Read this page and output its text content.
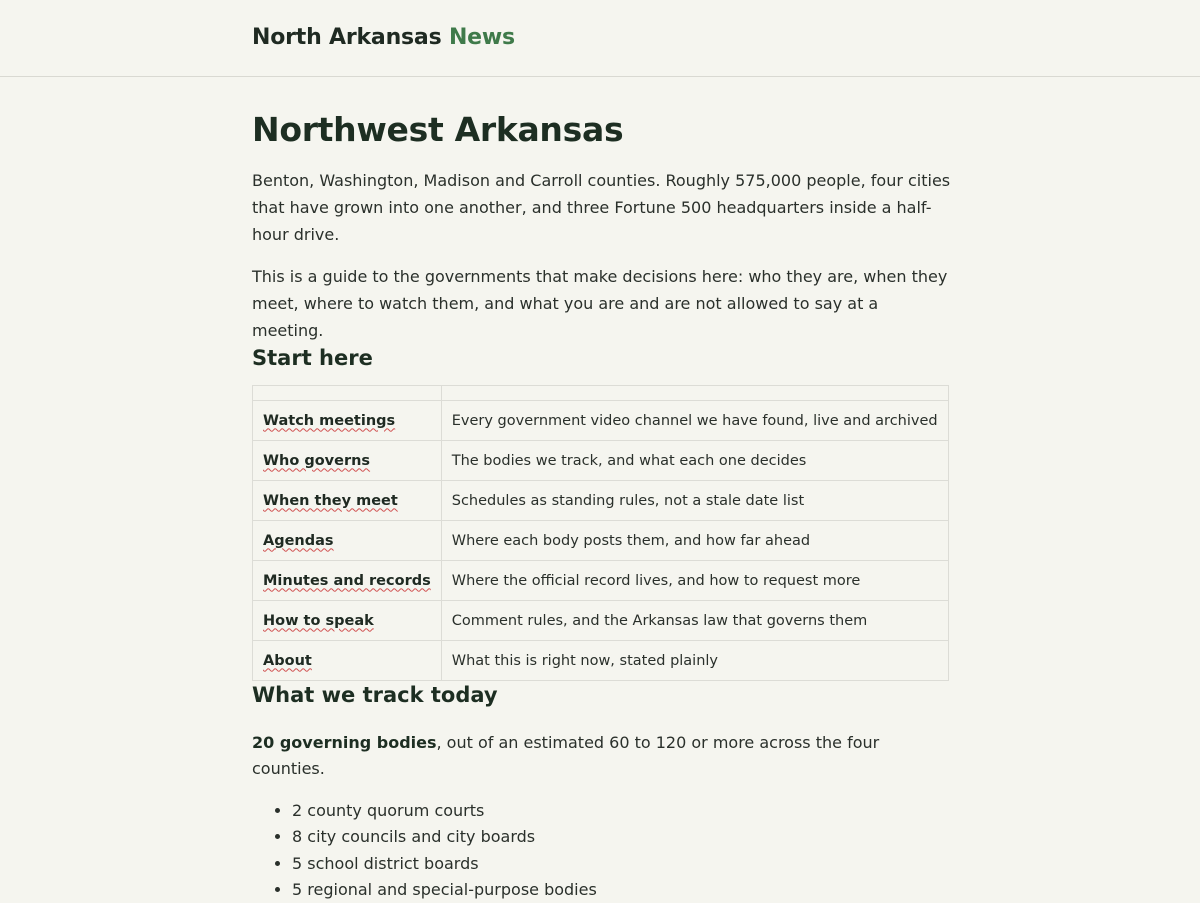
North Arkansas News
Northwest Arkansas

Benton, Washington, Madison and Carroll counties. Roughly 575,000 people, four cities that have grown into one another, and three Fortune 500 headquarters inside a half-hour drive.

This is a guide to the governments that make decisions here: who they are, when they meet, where to watch them, and what you are and are not allowed to say at a meeting.

Start here

Watch meetings	Every government video channel we have found, live and archived
Who governs	The bodies we track, and what each one decides
When they meet	Schedules as standing rules, not a stale date list
Agendas	Where each body posts them, and how far ahead
Minutes and records	Where the official record lives, and how to request more
How to speak	Comment rules, and the Arkansas law that governs them
About	What this is right now, stated plainly
What we track today

20 governing bodies, out of an estimated 60 to 120 or more across the four counties.

• 2 county quorum courts
• 8 city councils and city boards
• 5 school district boards
• 5 regional and special-purpose bodies
